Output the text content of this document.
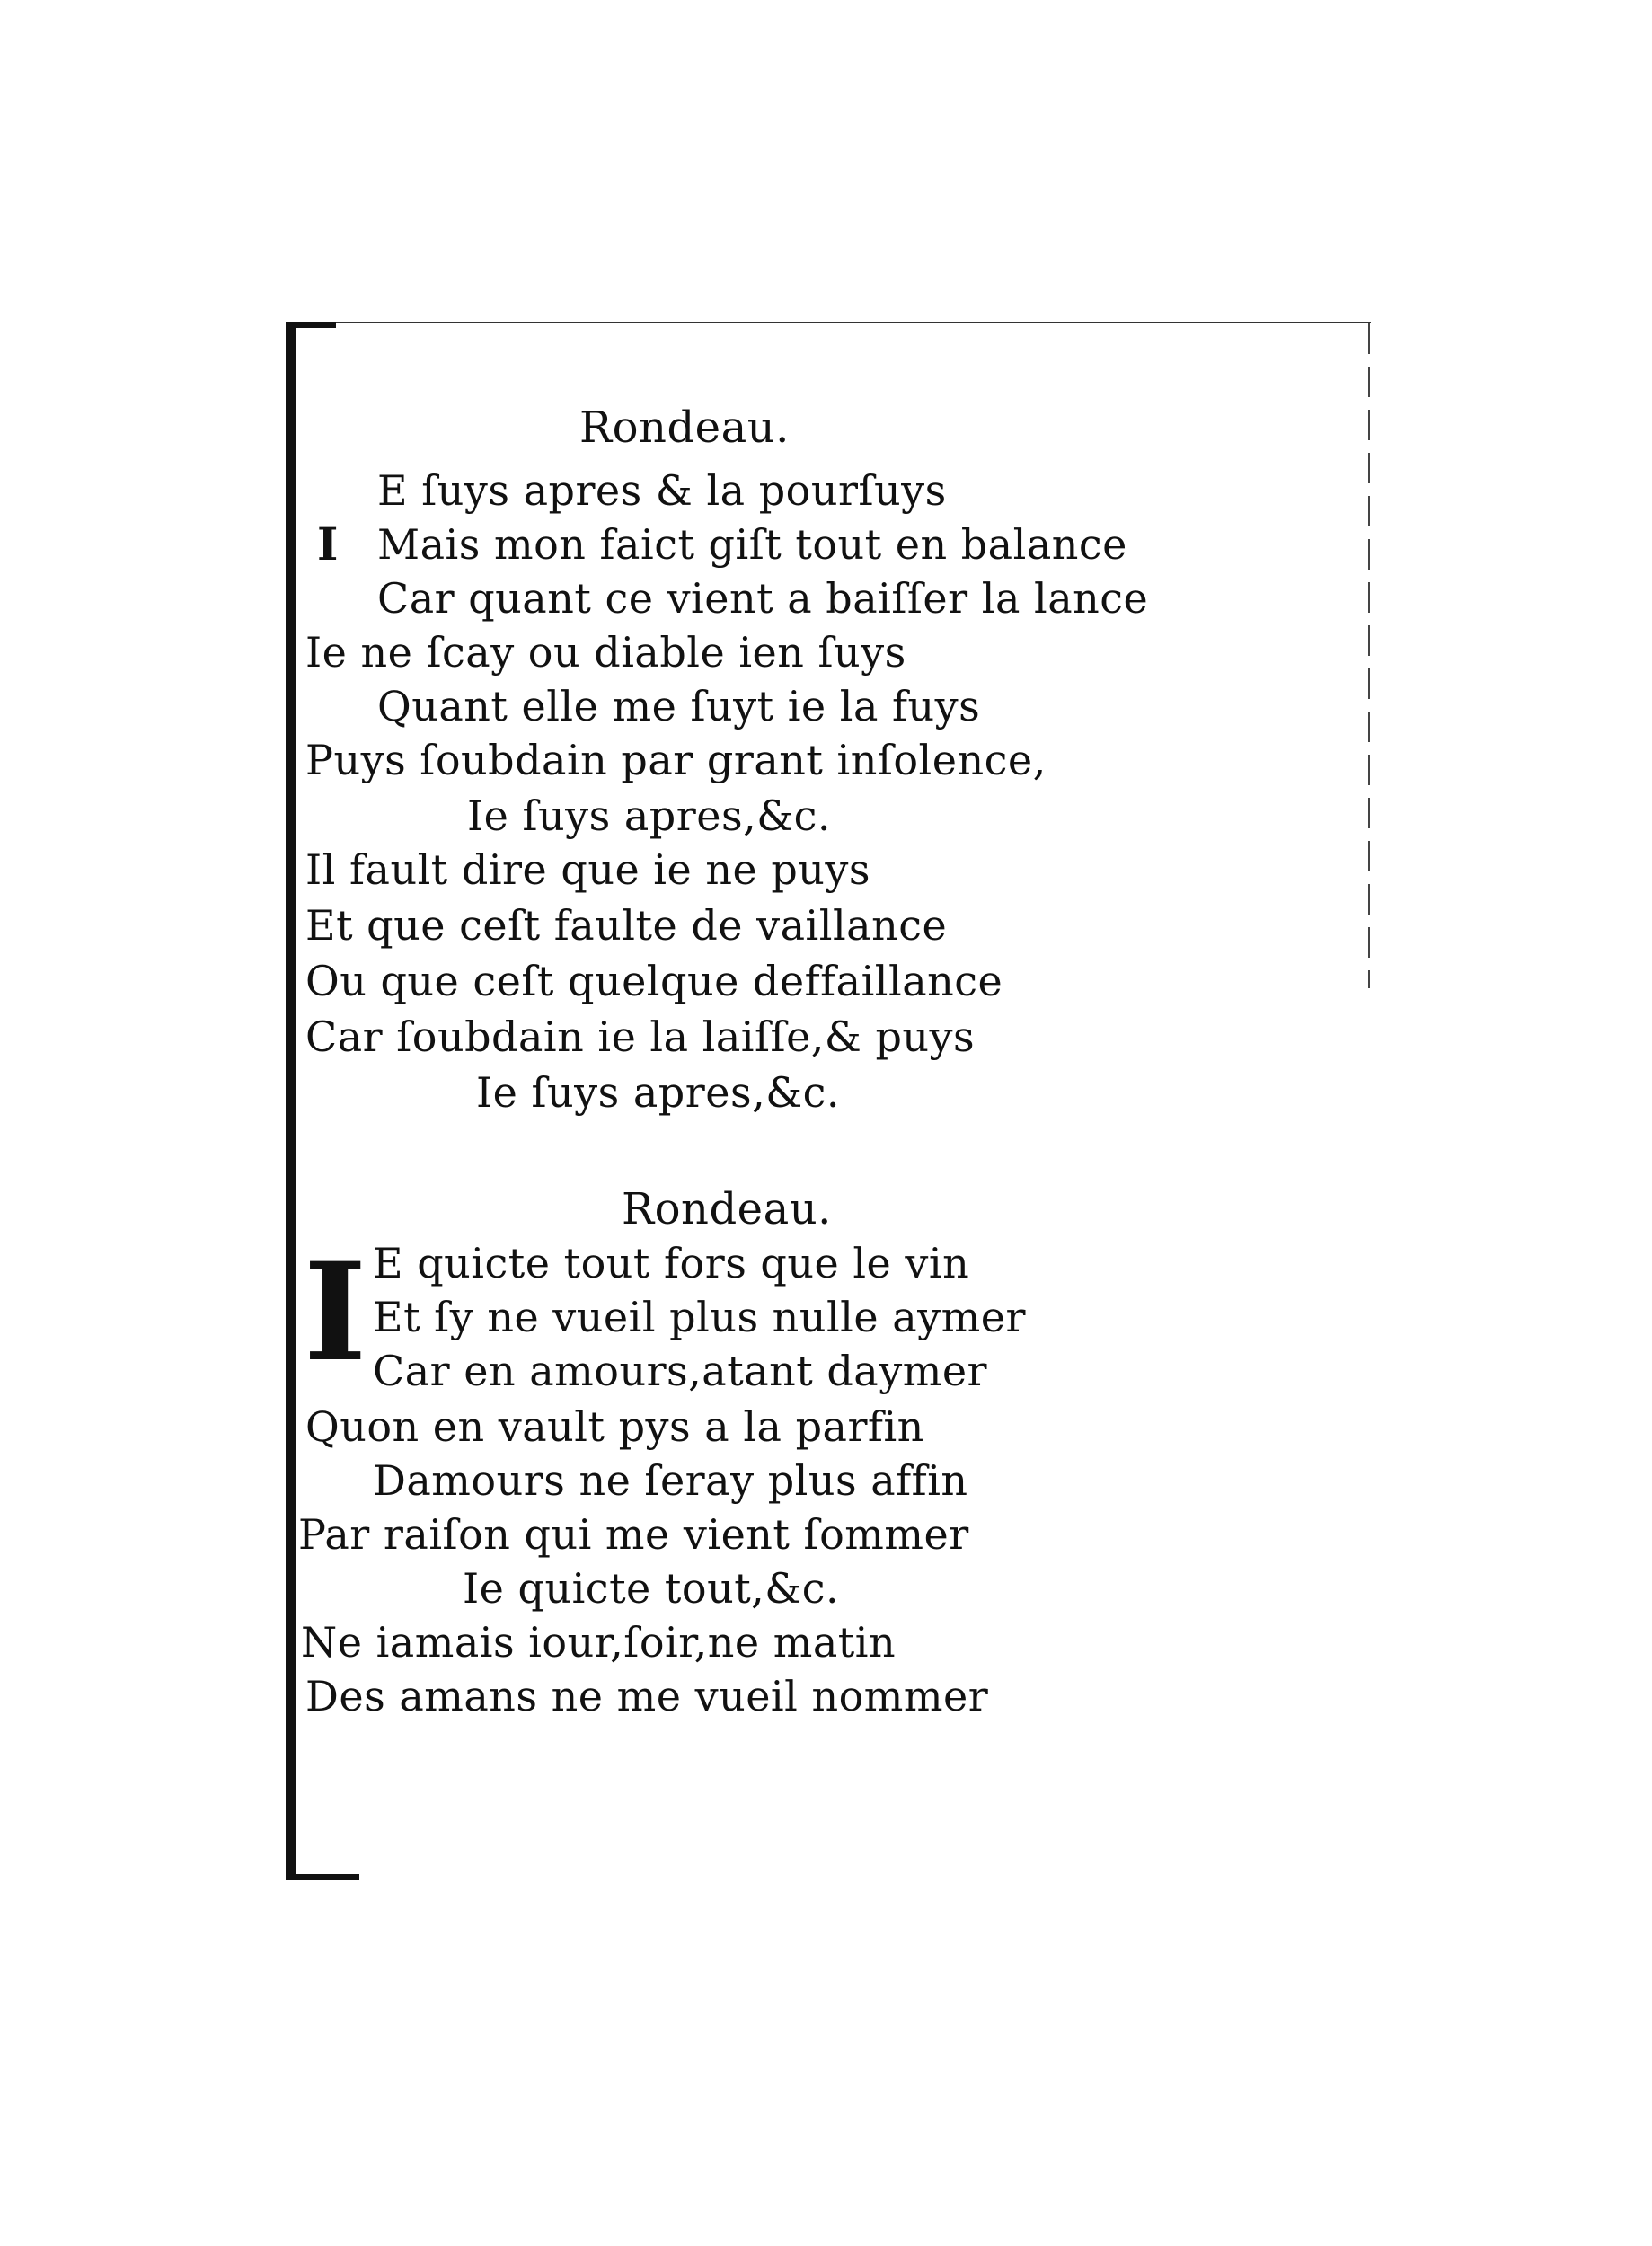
Rondeau.
I
E ſuys apres & la pourſuys
Mais mon faict giſt tout en balance
Car quant ce vient a baiſſer la lance
Ie ne ſcay ou diable ien ſuys
Quant elle me ſuyt ie la fuys
Puys ſoubdain par grant inſolence,
Ie ſuys apres,&c.
Il fault dire que ie ne puys
Et que ceſt faulte de vaillance
Ou que ceſt quelque deffaillance
Car ſoubdain ie la laiſſe,& puys
Ie ſuys apres,&c.
Rondeau.
I E quicte tout fors que le vin
Et ſy ne vueil plus nulle aymer
Car en amours,atant daymer
Quon en vault pys a la parfin
Damours ne ſeray plus affin
Par raiſon qui me vient ſommer
Ie quicte tout,&c.
Ne iamais iour,ſoir,ne matin
Des amans ne me vueil nommer
